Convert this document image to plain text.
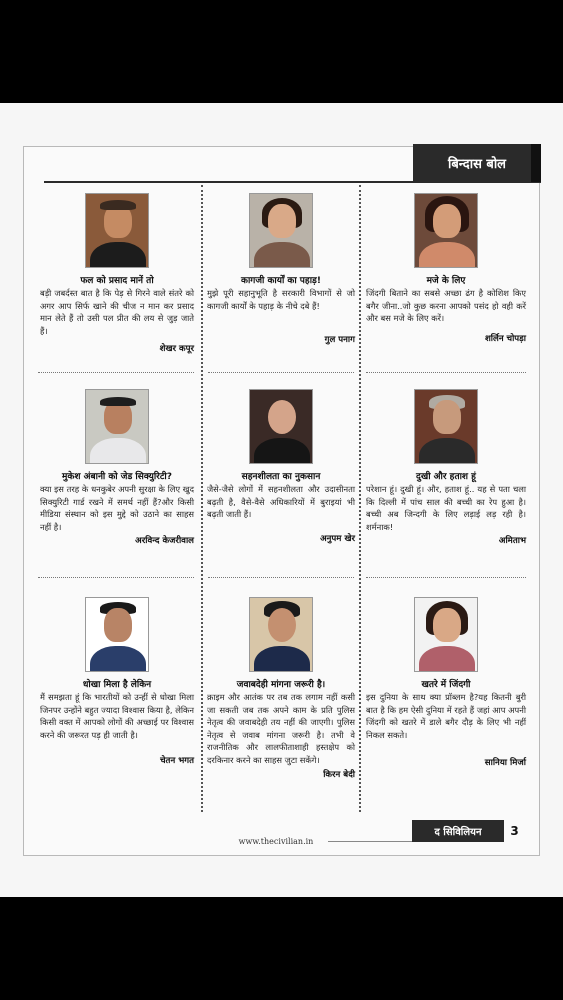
बिन्दास बोल
फल को प्रसाद मानें तो
बड़ी जबर्दस्त बात है कि पेड़ से गिरने वाले संतरे को अगर आप सिर्फ खाने की चीज न मान कर प्रसाद मान लेते हैं तो उसी पल प्रीत की लय से जुड़ जाते हैं।
शेखर कपूर
कागजी कार्यों का पहाड़!
मुझे पूरी सहानुभूति है सरकारी विभागों से जो कागजी कार्यों के पहाड़ के नीचे दबे हैं!
गुल पनाग
मजे के लिए
जिंदगी बिताने का सबसे अच्छा ढंग है कोशिश किए बगैर जीना..जो कुछ करना आपको पसंद हो वही करें और बस मजे के लिए करें।
शर्लिन चोपड़ा
मुकेश अंबानी को जेड सिक्युरिटी?
क्या इस तरह के धनकुबेर अपनी सुरक्षा के लिए खुद सिक्युरिटी गार्ड रखने में समर्थ नहीं हैं?और किसी मीडिया संस्थान को इस मुद्दे को उठाने का साहस नहीं है।
अरविन्द केजरीवाल
सहनशीलता का नुकसान
जैसे-जैसे लोगों में सहनशीलता और उदासीनता बढ़ती है, वैसे-वैसे अधिकारियों में बुराइयां भी बढ़ती जाती हैं।
अनुपम खेर
दुखी और हताश हूं
परेशान हूं। दुखी हूं। और, हताश हूं.. यह से पता चला कि दिल्ली में पांच साल की बच्ची का रेप हुआ है। बच्ची अब जिन्दगी के लिए लड़ाई लड़ रही है। शर्मनाक!
अमिताभ
धोखा मिला है लेकिन
मैं समझता हूं कि भारतीयों को उन्हीं से धोखा मिला जिनपर उन्होंने बहुत ज्यादा विश्वास किया है, लेकिन किसी वक्त में आपको लोगों की अच्छाई पर विश्वास करने की जरूरत पड़ ही जाती है।
चेतन भगत
जवाबदेही मांगना जरूरी है।
क्राइम और आतंक पर तब तक लगाम नहीं कसी जा सकती जब तक अपने काम के प्रति पुलिस नेतृत्व की जवाबदेही तय नहीं की जाएगी। पुलिस नेतृत्व से जवाब मांगना जरूरी है। तभी वे राजनीतिक और लालफीताशाही हस्तक्षेप को दरकिनार करने का साहस जुटा सकेंगे।
किरन बेदी
खतरे में जिंदगी
इस दुनिया के साथ क्या प्रॉब्लम है?यह कितनी बुरी बात है कि हम ऐसी दुनिया में रहते हैं जहां आप अपनी जिंदगी को खतरे में डाले बगैर दौड़ के लिए भी नहीं निकल सकते।
सानिया मिर्जा
www.thecivilian.in
द सिविलियन	3
